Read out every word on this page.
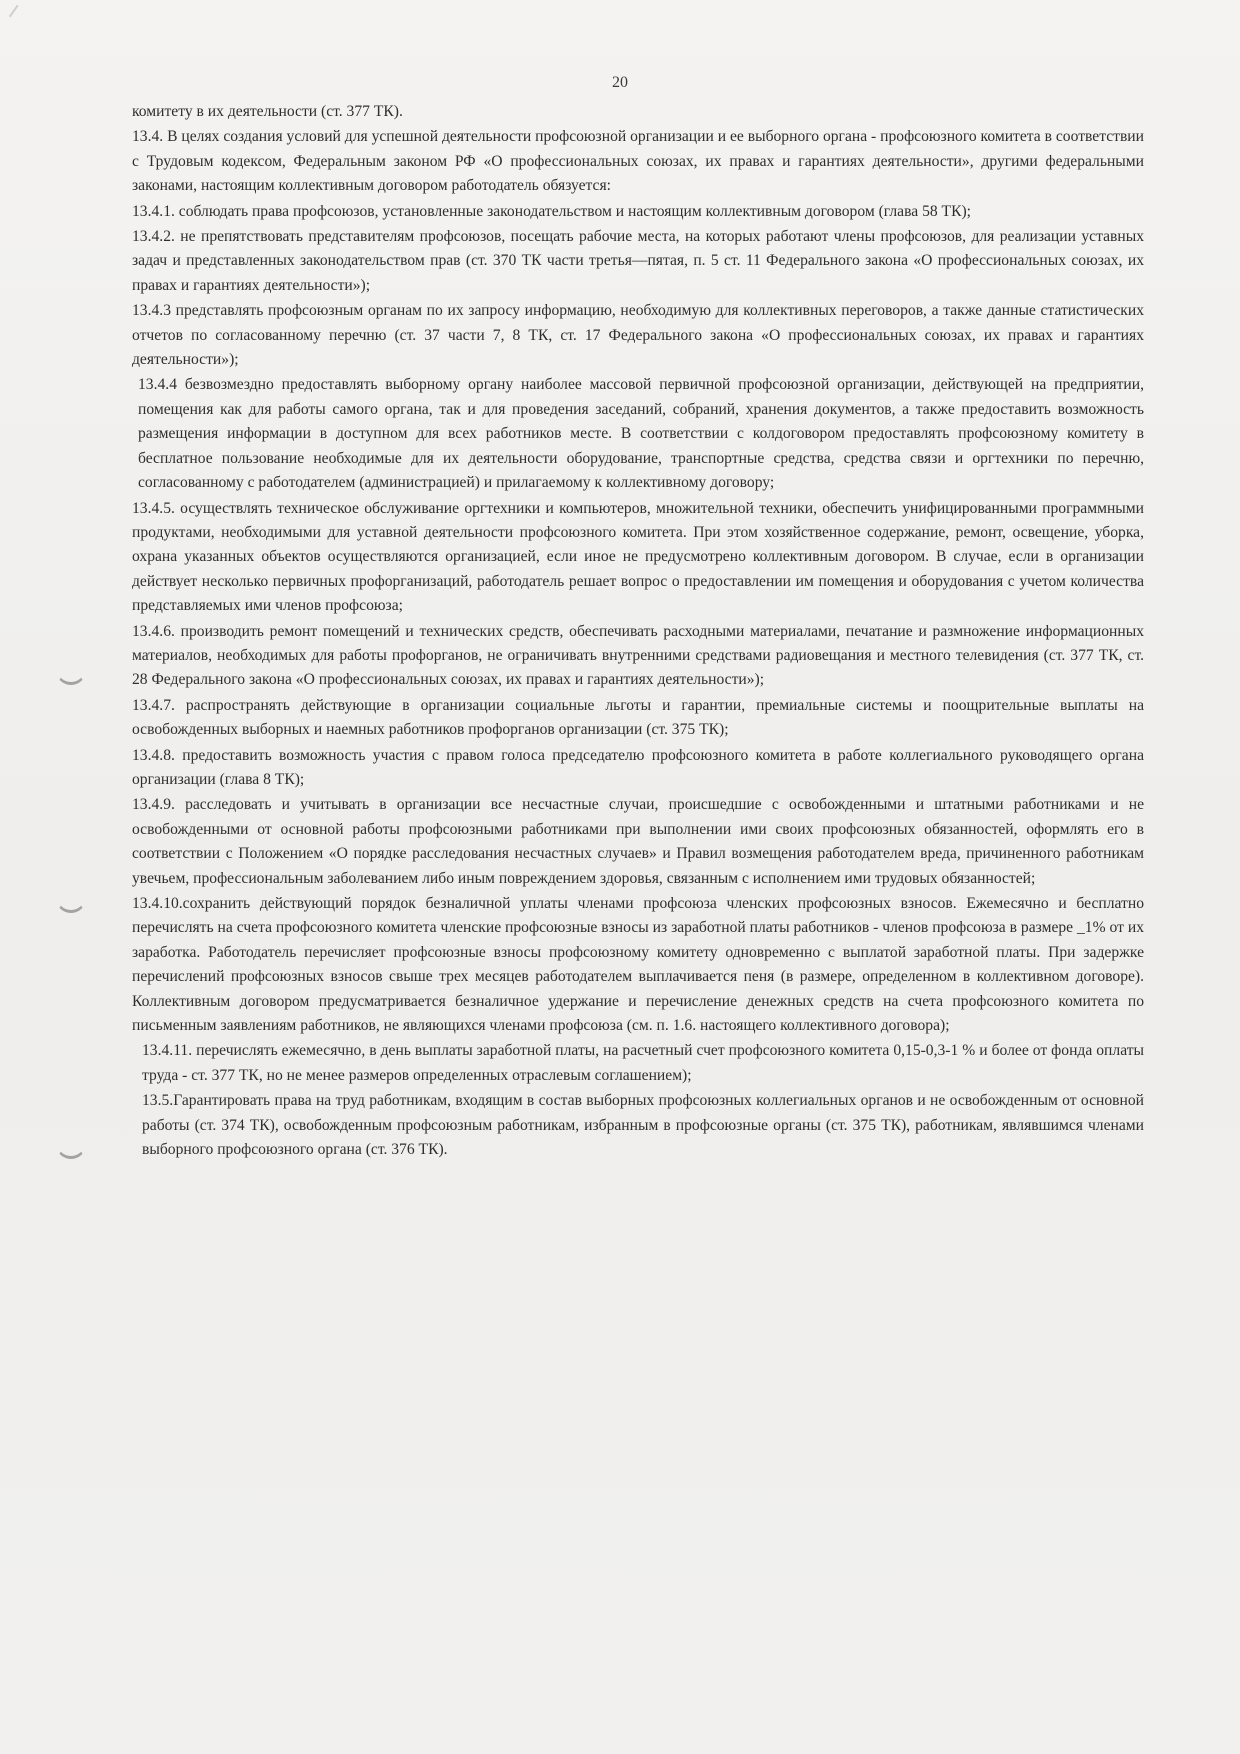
20

комитету в их деятельности (ст. 377 ТК).

13.4. В целях создания условий для успешной деятельности профсоюзной организации и ее выборного органа - профсоюзного комитета в соответствии с Трудовым кодексом, Федеральным законом РФ «О профессиональных союзах, их правах и гарантиях деятельности», другими федеральными законами, настоящим коллективным договором работодатель обязуется:

13.4.1. соблюдать права профсоюзов, установленные законодательством и настоящим коллективным договором (глава 58 ТК);

13.4.2. не препятствовать представителям профсоюзов, посещать рабочие места, на которых работают члены профсоюзов, для реализации уставных задач и представленных законодательством прав (ст. 370 ТК части третья—пятая, п. 5 ст. 11 Федерального закона «О профессиональных союзах, их правах и гарантиях деятельности»);

13.4.3 представлять профсоюзным органам по их запросу информацию, необходимую для коллективных переговоров, а также данные статистических отчетов по согласованному перечню (ст. 37 части 7, 8 ТК, ст. 17 Федерального закона «О профессиональных союзах, их правах и гарантиях деятельности»);

13.4.4 безвозмездно предоставлять выборному органу наиболее массовой первичной профсоюзной организации, действующей на предприятии, помещения как для работы самого органа, так и для проведения заседаний, собраний, хранения документов, а также предоставить возможность размещения информации в доступном для всех работников месте. В соответствии с колдоговором предоставлять профсоюзному комитету в бесплатное пользование необходимые для их деятельности оборудование, транспортные средства, средства связи и оргтехники по перечню, согласованному с работодателем (администрацией) и прилагаемому к коллективному договору;

13.4.5. осуществлять техническое обслуживание оргтехники и компьютеров, множительной техники, обеспечить унифицированными программными продуктами, необходимыми для уставной деятельности профсоюзного комитета. При этом хозяйственное содержание, ремонт, освещение, уборка, охрана указанных объектов осуществляются организацией, если иное не предусмотрено коллективным договором. В случае, если в организации действует несколько первичных профорганизаций, работодатель решает вопрос о предоставлении им помещения и оборудования с учетом количества представляемых ими членов профсоюза;

13.4.6. производить ремонт помещений и технических средств, обеспечивать расходными материалами, печатание и размножение информационных материалов, необходимых для работы профорганов, не ограничивать внутренними средствами радиовещания и местного телевидения (ст. 377 ТК, ст. 28 Федерального закона «О профессиональных союзах, их правах и гарантиях деятельности»);

13.4.7. распространять действующие в организации социальные льготы и гарантии, премиальные системы и поощрительные выплаты на освобожденных выборных и наемных работников профорганов организации (ст. 375 ТК);

13.4.8. предоставить возможность участия с правом голоса председателю профсоюзного комитета в работе коллегиального руководящего органа организации (глава 8 ТК);

13.4.9. расследовать и учитывать в организации все несчастные случаи, происшедшие с освобожденными и штатными работниками и не освобожденными от основной работы профсоюзными работниками при выполнении ими своих профсоюзных обязанностей, оформлять его в соответствии с Положением «О порядке расследования несчастных случаев» и Правил возмещения работодателем вреда, причиненного работникам увечьем, профессиональным заболеванием либо иным повреждением здоровья, связанным с исполнением ими трудовых обязанностей;

13.4.10.сохранить действующий порядок безналичной уплаты членами профсоюза членских профсоюзных взносов. Ежемесячно и бесплатно перечислять на счета профсоюзного комитета членские профсоюзные взносы из заработной платы работников - членов профсоюза в размере _1% от их заработка. Работодатель перечисляет профсоюзные взносы профсоюзному комитету одновременно с выплатой заработной платы. При задержке перечислений профсоюзных взносов свыше трех месяцев работодателем выплачивается пеня (в размере, определенном в коллективном договоре). Коллективным договором предусматривается безналичное удержание и перечисление денежных средств на счета профсоюзного комитета по письменным заявлениям работников, не являющихся членами профсоюза (см. п. 1.6. настоящего коллективного договора);

13.4.11. перечислять ежемесячно, в день выплаты заработной платы, на расчетный счет профсоюзного комитета 0,15-0,3-1 % и более от фонда оплаты труда - ст. 377 ТК, но не менее размеров определенных отраслевым соглашением);

13.5.Гарантировать права на труд работникам, входящим в состав выборных профсоюзных коллегиальных органов и не освобожденным от основной работы (ст. 374 ТК), освобожденным профсоюзным работникам, избранным в профсоюзные органы (ст. 375 ТК), работникам, являвшимся членами выборного профсоюзного органа (ст. 376 ТК).
